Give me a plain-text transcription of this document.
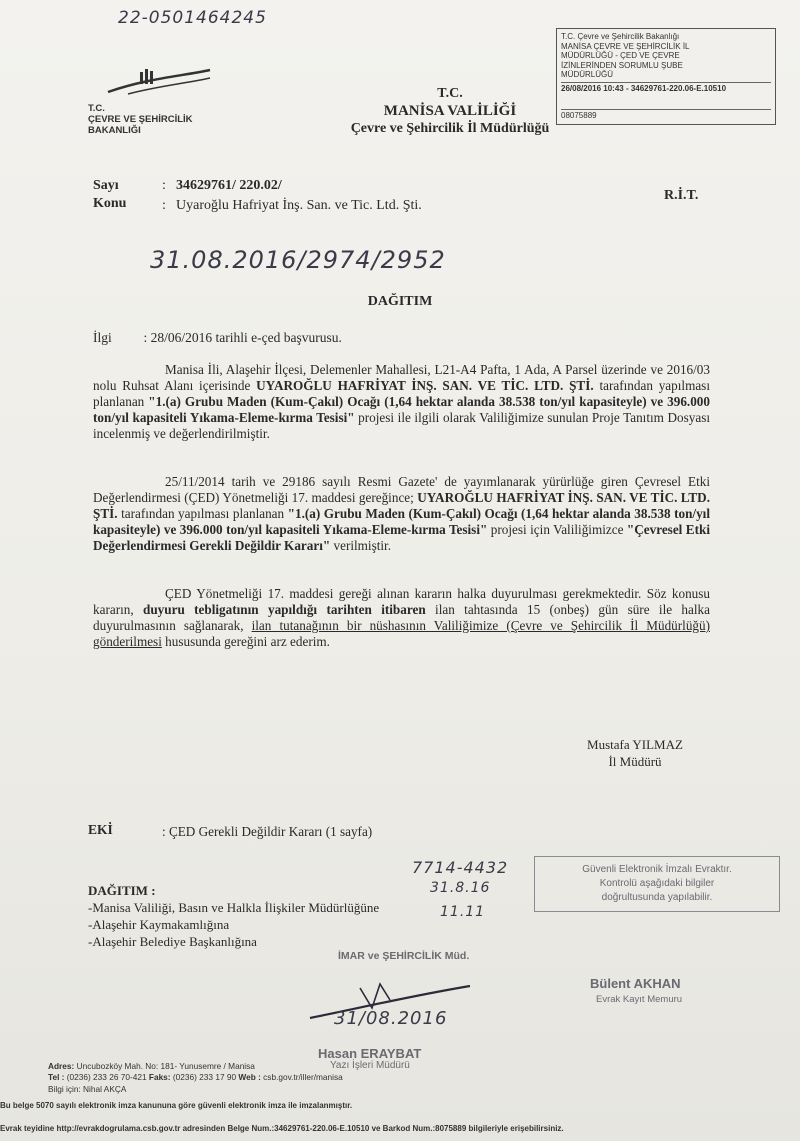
22-0501464245
T.C.
ÇEVRE VE ŞEHİRCİLİK
BAKANLIĞI
T.C. Çevre ve Şehircilik Bakanlığı
MANİSA ÇEVRE VE ŞEHİRCİLİK İL
MÜDÜRLÜĞÜ - ÇED VE ÇEVRE
İZİNLERİNDEN SORUMLU ŞUBE
MÜDÜRLÜĞÜ
26/08/2016 10:43 - 34629761-220.06-E.10510
08075889
T.C.
MANİSA VALİLİĞİ
Çevre ve Şehircilik İl Müdürlüğü
Sayı	: 34629761/ 220.02/
Konu	: Uyaroğlu Hafriyat İnş. San. ve Tic. Ltd. Şti.
R.İ.T.
31.08.2016/2974/2952
DAĞITIM
İlgi : 28/06/2016 tarihli e-çed başvurusu.

Manisa İli, Alaşehir İlçesi, Delemenler Mahallesi, L21-A4 Pafta, 1 Ada, A Parsel üzerinde ve 2016/03 nolu Ruhsat Alanı içerisinde UYAROĞLU HAFRİYAT İNŞ. SAN. VE TİC. LTD. ŞTİ. tarafından yapılması planlanan "1.(a) Grubu Maden (Kum-Çakıl) Ocağı (1,64 hektar alanda 38.538 ton/yıl kapasiteyle) ve 396.000 ton/yıl kapasiteli Yıkama-Eleme-kırma Tesisi" projesi ile ilgili olarak Valiliğimize sunulan Proje Tanıtım Dosyası incelenmiş ve değerlendirilmiştir.

25/11/2014 tarih ve 29186 sayılı Resmi Gazete' de yayımlanarak yürürlüğe giren Çevresel Etki Değerlendirmesi (ÇED) Yönetmeliği 17. maddesi gereğince; UYAROĞLU HAFRİYAT İNŞ. SAN. VE TİC. LTD. ŞTİ. tarafından yapılması planlanan "1.(a) Grubu Maden (Kum-Çakıl) Ocağı (1,64 hektar alanda 38.538 ton/yıl kapasiteyle) ve 396.000 ton/yıl kapasiteli Yıkama-Eleme-kırma Tesisi" projesi için Valiliğimizce "Çevresel Etki Değerlendirmesi Gerekli Değildir Kararı" verilmiştir.

ÇED Yönetmeliği 17. maddesi gereği alınan kararın halka duyurulması gerekmektedir. Söz konusu kararın, duyuru tebligatının yapıldığı tarihten itibaren ilan tahtasında 15 (onbeş) gün süre ile halka duyurulmasının sağlanarak, ilan tutanağının bir nüshasının Valiliğimize (Çevre ve Şehircilik İl Müdürlüğü) gönderilmesi hususunda gereğini arz ederim.

Mustafa YILMAZ
İl Müdürü
EKİ	: ÇED Gerekli Değildir Kararı (1 sayfa)
7714-4432
31.8.16
11.11
Güvenli Elektronik İmzalı Evraktır.
Kontrolü aşağıdaki bilgiler
doğrultusunda yapılabilir.
DAĞITIM :
-Manisa Valiliği, Basın ve Halkla İlişkiler Müdürlüğüne
-Alaşehir Kaymakamlığına
-Alaşehir Belediye Başkanlığına
İMAR ve ŞEHİRCİLİK Müd.
31/08.2016
Hasan ERAYBAT
Yazı İşleri Müdürü
Bülent AKHAN
Evrak Kayıt Memuru
Adres: Uncubozköy Mah. No: 181- Yunusemre / Manisa
Tel : (0236) 233 26 70-421 Faks: (0236) 233 17 90 Web : csb.gov.tr/iller/manisa
Bilgi için: Nihal AKÇA
Bu belge 5070 sayılı elektronik imza kanununa göre güvenli elektronik imza ile imzalanmıştır.
Evrak teyidine http://evrakdogrulama.csb.gov.tr adresinden Belge Num.:34629761-220.06-E.10510 ve Barkod Num.:8075889 bilgileriyle erişebilirsiniz.
